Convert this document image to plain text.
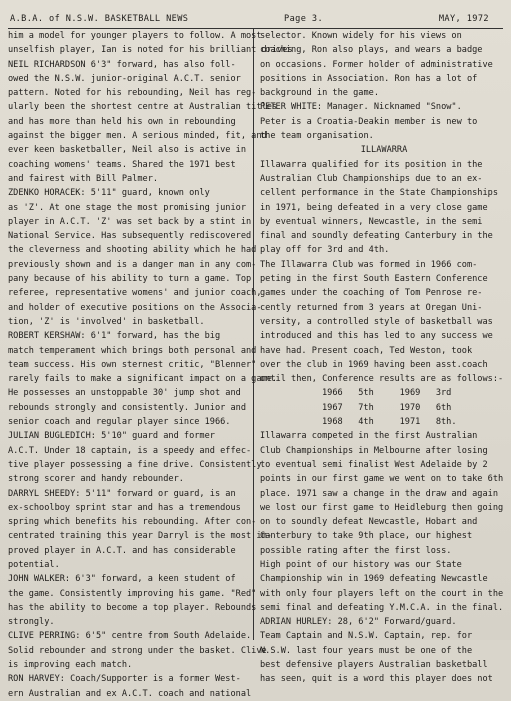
A.B.A. of N.S.W. BASKETBALL NEWS	Page 3.	MAY, 1972
him a model for younger players to follow. A most
unselfish player, Ian is noted for his brilliant drives
NEIL RICHARDSON 6'3" forward, has also foll-
owed the N.S.W. junior-original A.C.T. senior
pattern. Noted for his rebounding, Neil has reg-
ularly been the shortest centre at Australian titles
and has more than held his own in rebounding
against the bigger men. A serious minded, fit, and
ever keen basketballer, Neil also is active in
coaching womens' teams. Shared the 1971 best
and fairest with Bill Palmer.
ZDENKO HORACEK: 5'11" guard, known only
as 'Z'. At one stage the most promising junior
player in A.C.T. 'Z' was set back by a stint in
National Service. Has subsequently rediscovered
the cleverness and shooting ability which he had
previously shown and is a danger man in any com-
pany because of his ability to turn a game. Top
referee, representative womens' and junior coach,
and holder of executive positions on the Associa-
tion, 'Z' is 'involved' in basketball.
ROBERT KERSHAW: 6'1" forward, has the big
match temperament which brings both personal and
team success. His own sternest critic, "Blenner"
rarely fails to make a significant impact on a game.
He possesses an unstoppable 30' jump shot and
rebounds strongly and consistently. Junior and
senior coach and regular player since 1966.
JULIAN BUGLEDICH: 5'10" guard and former
A.C.T. Under 18 captain, is a speedy and effec-
tive player possessing a fine drive. Consistently
strong scorer and handy rebounder.
DARRYL SHEEDY: 5'11" forward or guard, is an
ex-schoolboy sprint star and has a tremendous
spring which benefits his rebounding. After con-
centrated training this year Darryl is the most im-
proved player in A.C.T. and has considerable
potential.
JOHN WALKER: 6'3" forward, a keen student of
the game. Consistently improving his game. "Red"
has the ability to become a top player. Rebounds
strongly.
CLIVE PERRING: 6'5" centre from South Adelaide.
Solid rebounder and strong under the basket. Clive
is improving each match.
RON HARVEY: Coach/Supporter is a former West-
ern Australian and ex A.C.T. coach and national
selector. Known widely for his views on
coaching, Ron also plays, and wears a badge
on occasions. Former holder of administrative
positions in Association. Ron has a lot of
background in the game.
PETER WHITE: Manager. Nicknamed "Snow".
Peter is a Croatia-Deakin member is new to
the team organisation.
ILLAWARRA
Illawarra qualified for its position in the
Australian Club Championships due to an ex-
cellent performance in the State Championships
in 1971, being defeated in a very close game
by eventual winners, Newcastle, in the semi
final and soundly defeating Canterbury in the
play off for 3rd and 4th.
The Illawarra Club was formed in 1966 com-
peting in the first South Eastern Conference
games under the coaching of Tom Penrose re-
cently returned from 3 years at Oregan Uni-
versity, a controlled style of basketball was
introduced and this has led to any success we
have had. Present coach, Ted Weston, took
over the club in 1969 having been asst.coach
until then, Conference results are as follows:-
1966   5th     1969   3rd
1967   7th     1970   6th
1968   4th     1971   8th.
Illawarra competed in the first Australian
Club Championships in Melbourne after losing
to eventual semi finalist West Adelaide by 2
points in our first game we went on to take 6th
place. 1971 saw a change in the draw and again
we lost our first game to Heidleburg then going
on to soundly defeat Newcastle, Hobart and
Canterbury to take 9th place, our highest
possible rating after the first loss.
High point of our history was our State
Championship win in 1969 defeating Newcastle
with only four players left on the court in the
semi final and defeating Y.M.C.A. in the final.
ADRIAN HURLEY: 28, 6'2" Forward/guard.
Team Captain and N.S.W. Captain, rep. for
N.S.W. last four years must be one of the
best defensive players Australian basketball
has seen, quit is a word this player does not
